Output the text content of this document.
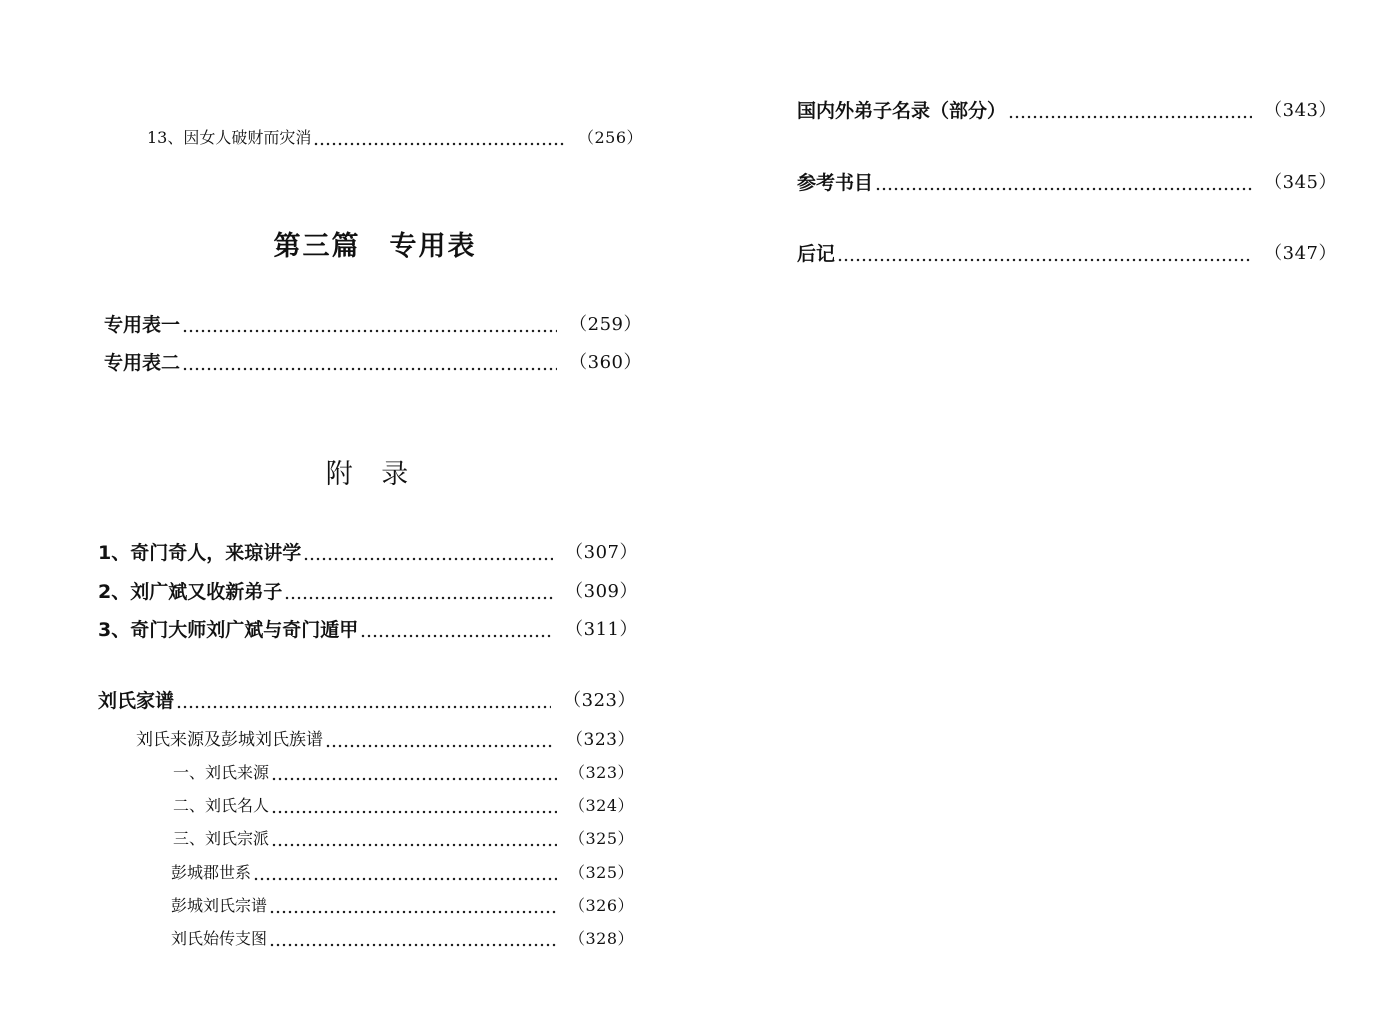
13、因女人破财而灾消	（256）
第三篇　专用表
专用表一	（259）
专用表二	（360）
附 录
1、奇门奇人，来琼讲学	（307）
2、刘广斌又收新弟子	（309）
3、奇门大师刘广斌与奇门遁甲	（311）
刘氏家谱	（323）
刘氏来源及彭城刘氏族谱	（323）
一、刘氏来源	（323）
二、刘氏名人	（324）
三、刘氏宗派	（325）
彭城郡世系	（325）
彭城刘氏宗谱	（326）
刘氏始传支图	（328）
国内外弟子名录（部分）	（343）
参考书目	（345）
后记	（347）
